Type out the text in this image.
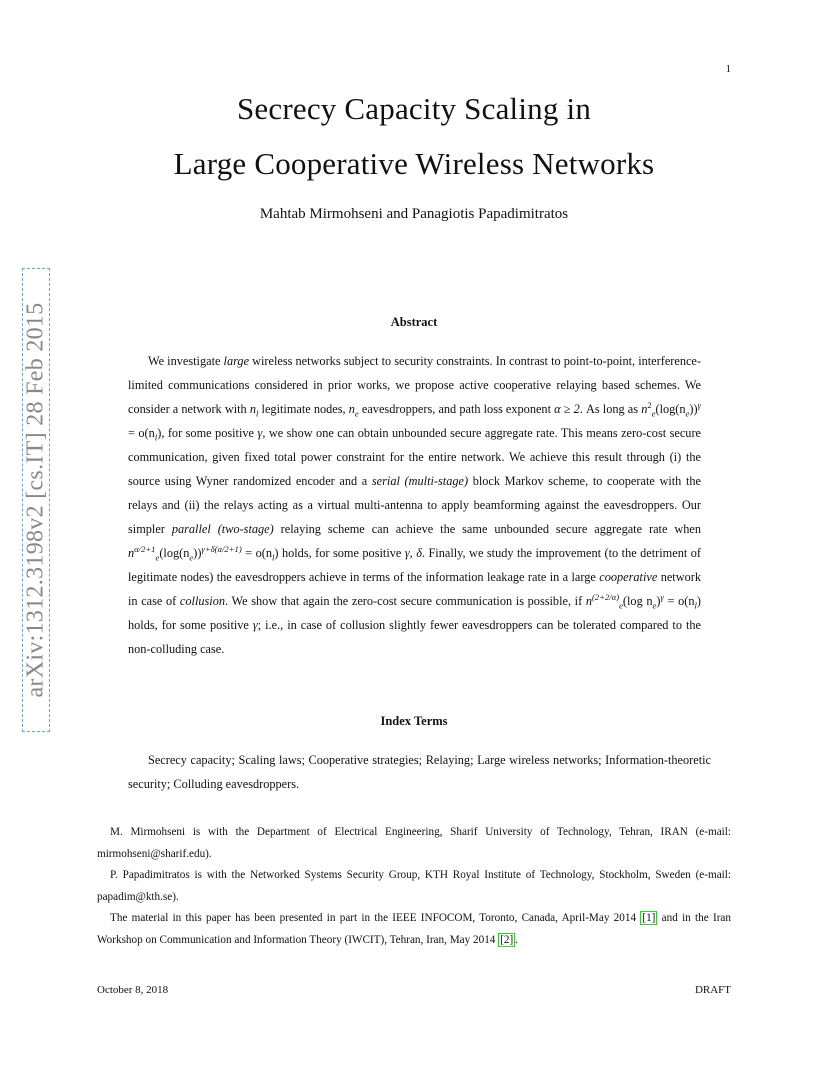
1
Secrecy Capacity Scaling in
Large Cooperative Wireless Networks
Mahtab Mirmohseni and Panagiotis Papadimitratos
arXiv:1312.3198v2 [cs.IT] 28 Feb 2015	Abstract
We investigate large wireless networks subject to security constraints. In contrast to point-to-point, interference-limited communications considered in prior works, we propose active cooperative relaying based schemes. We consider a network with $n_l$ legitimate nodes, $n_e$ eavesdroppers, and path loss exponent α ≥ 2. As long as $n^2_e(\log(n_e))^\gamma = o(n_l)$, for some positive γ, we show one can obtain unbounded secure aggregate rate. This means zero-cost secure communication, given fixed total power constraint for the entire network. We achieve this result through (i) the source using Wyner randomized encoder and a serial (multi-stage) block Markov scheme, to cooperate with the relays and (ii) the relays acting as a virtual multi-antenna to apply beamforming against the eavesdroppers. Our simpler parallel (two-stage) relaying scheme can achieve the same unbounded secure aggregate rate when $n^{\alpha/2+1}_e(\log(n_e))^{\gamma+\delta(\alpha/2+1)} = o(n_l)$ holds, for some positive γ, δ. Finally, we study the improvement (to the detriment of legitimate nodes) the eavesdroppers achieve in terms of the information leakage rate in a large cooperative network in case of collusion. We show that again the zero-cost secure communication is possible, if $n^{(2+2/\alpha)}_e(\log$ $n_e)^\gamma = o(n_l)$ holds, for some positive γ; i.e., in case of collusion slightly fewer eavesdroppers can be tolerated compared to the non-colluding case.
Index Terms
Secrecy capacity; Scaling laws; Cooperative strategies; Relaying; Large wireless networks; Information-theoretic security; Colluding eavesdroppers.

M. Mirmohseni is with the Department of Electrical Engineering, Sharif University of Technology, Tehran, IRAN (e-mail: mirmohseni@sharif.edu).

P. Papadimitratos is with the Networked Systems Security Group, KTH Royal Institute of Technology, Stockholm, Sweden (e-mail: papadim@kth.se).

The material in this paper has been presented in part in the IEEE INFOCOM, Toronto, Canada, April-May 2014 [1] and in the Iran Workshop on Communication and Information Theory (IWCIT), Tehran, Iran, May 2014 [2] .

October 8, 2018	DRAFT
